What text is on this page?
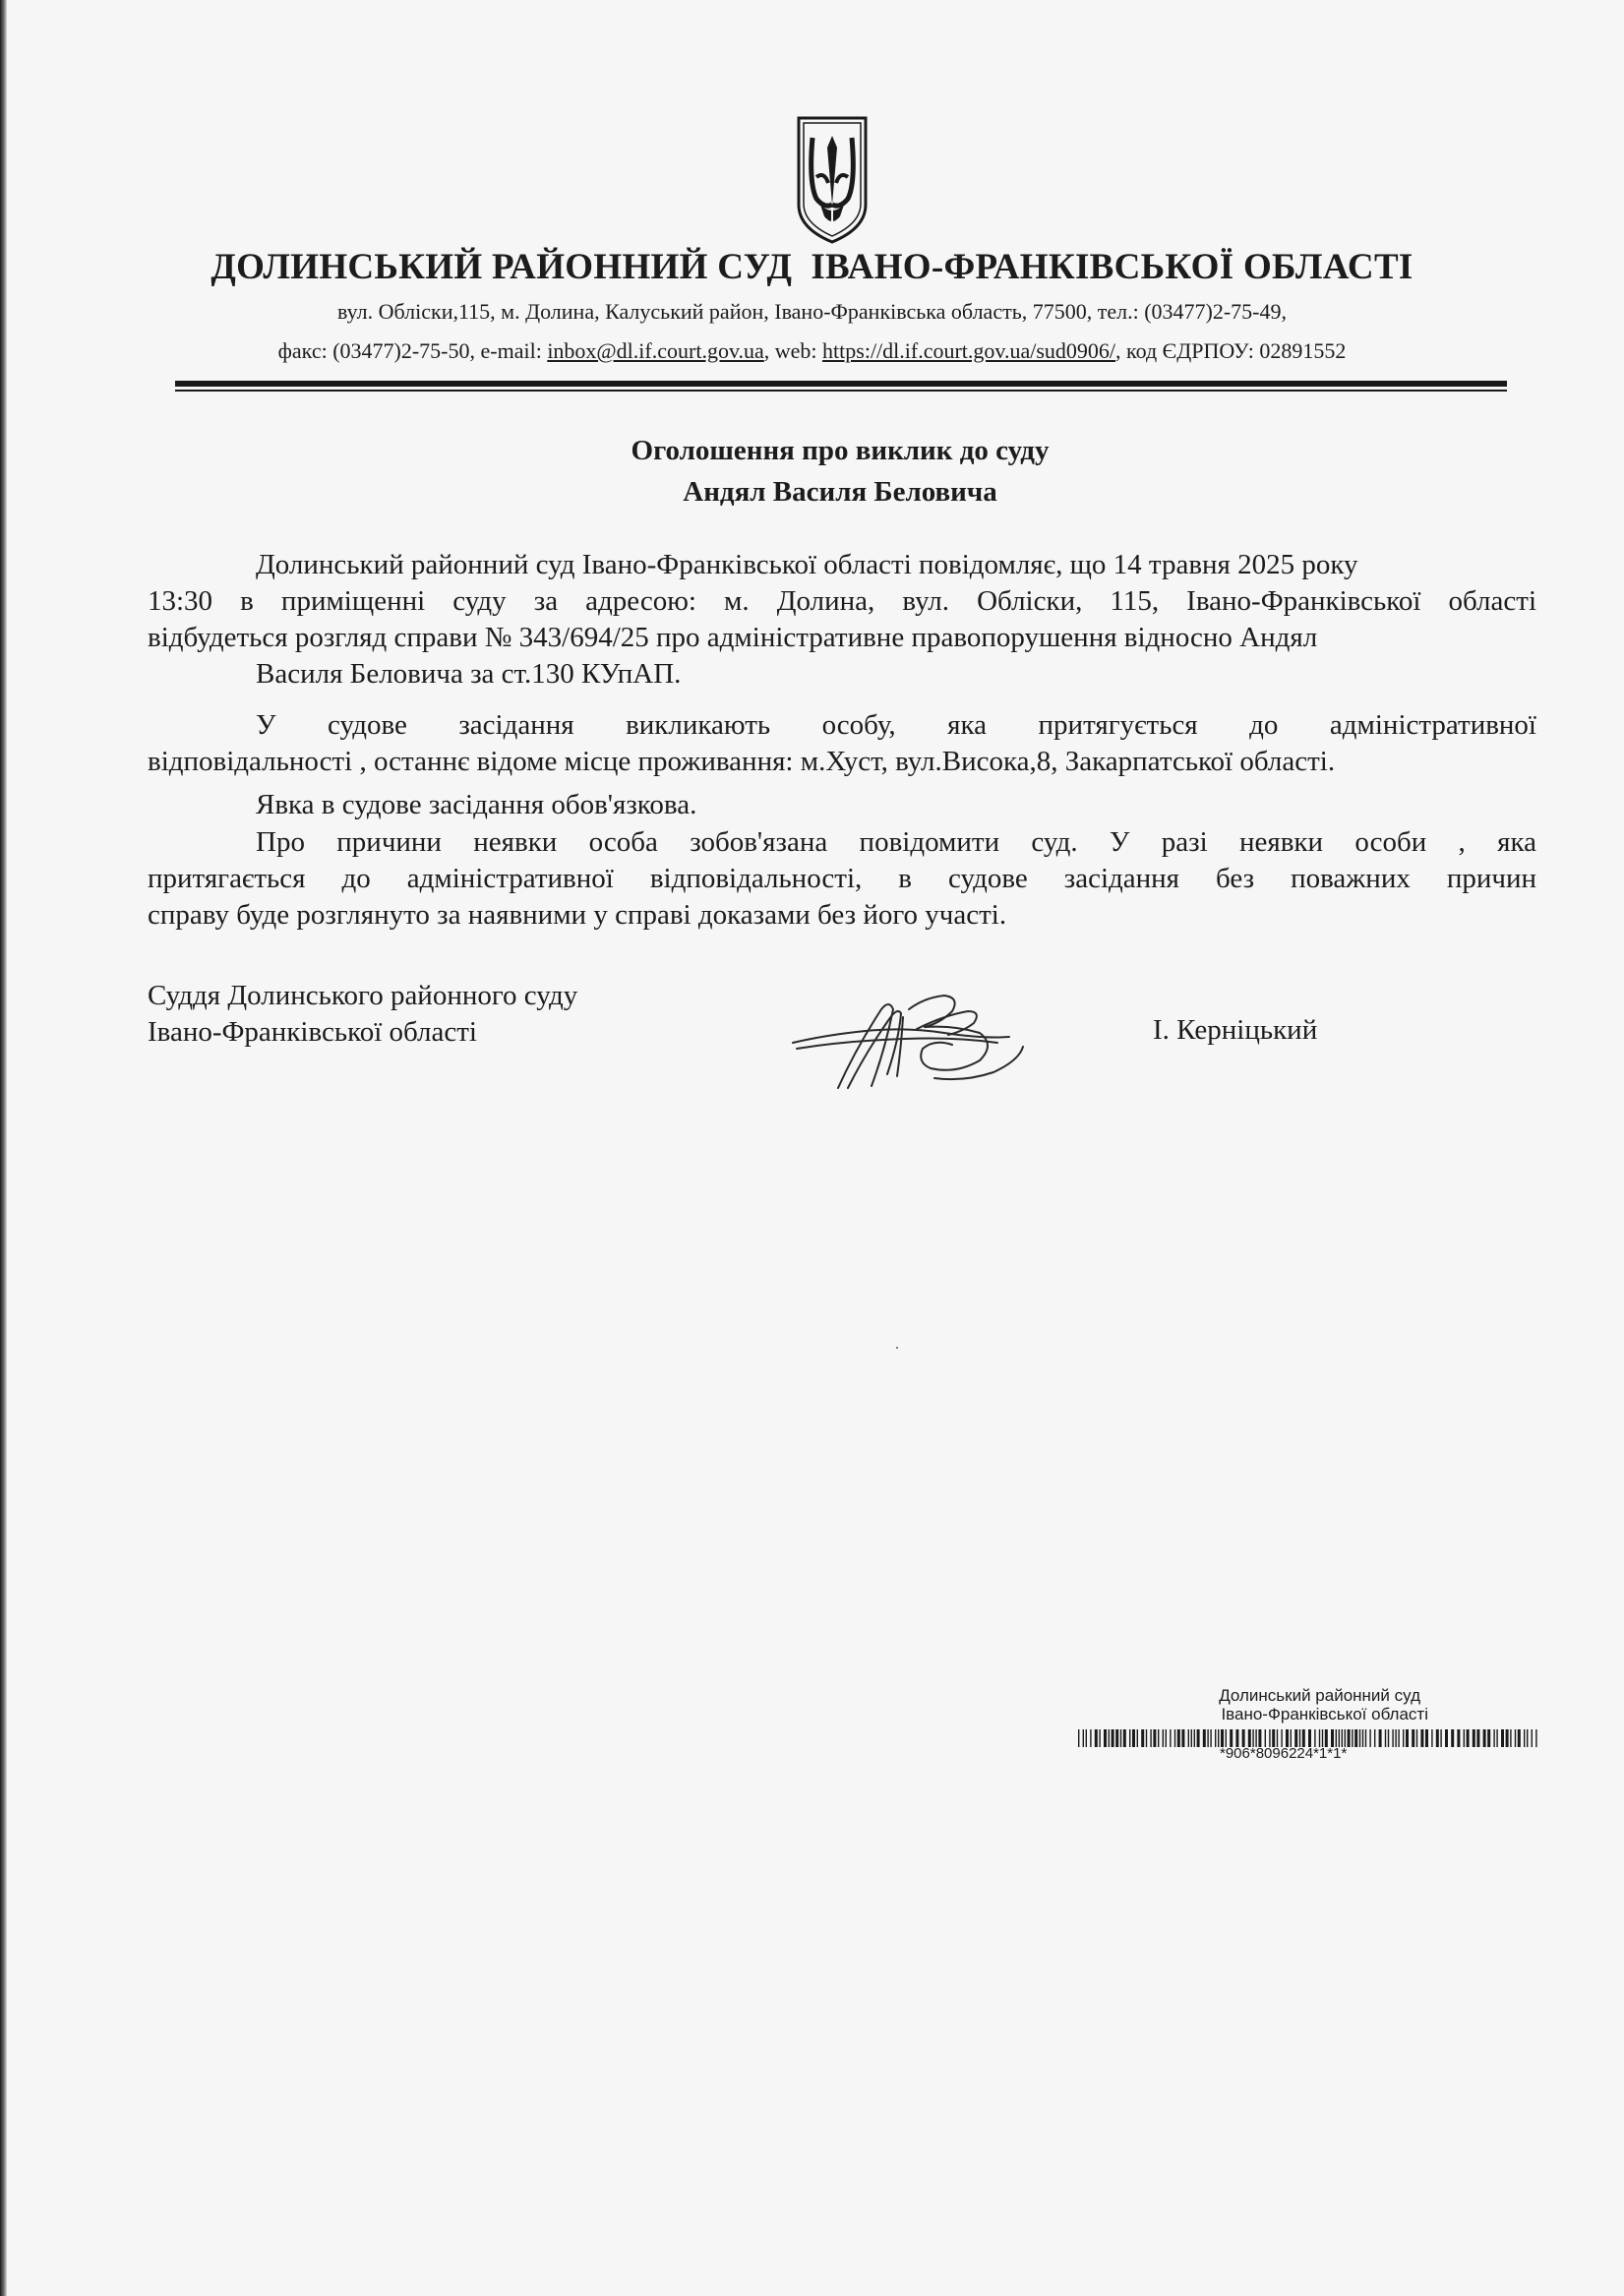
ДОЛИНСЬКИЙ РАЙОННИЙ СУД  ІВАНО-ФРАНКІВСЬКОЇ ОБЛАСТІ
вул. Обліски,115, м. Долина, Калуський район, Івано-Франківська область, 77500, тел.: (03477)2-75-49,
факс: (03477)2-75-50, e-mail: inbox@dl.if.court.gov.ua, web: https://dl.if.court.gov.ua/sud0906/, код ЄДРПОУ: 02891552
Оголошення про виклик до суду
Андял Василя Беловича
Долинський районний суд Івано-Франківської області повідомляє, що 14 травня 2025 року
13:30 в приміщенні суду за адресою: м. Долина, вул. Обліски, 115, Івано-Франківської області
відбудеться розгляд справи № 343/694/25 про адміністративне правопорушення відносно Андял
Василя Беловича за ст.130 КУпАП.
У судове засідання викликають особу, яка притягується до адміністративної
відповідальності , останнє відоме місце проживання: м.Хуст, вул.Висока,8, Закарпатської області.
Явка в судове засідання обов'язкова.
Про причини неявки особа зобов'язана повідомити суд. У разі неявки особи , яка
притягається до адміністративної відповідальності, в судове засідання без поважних причин
справу буде розглянуто за наявними у справі доказами без його участі.
Суддя Долинського районного суду
Івано-Франківської області	І. Керніцький
Долинський районний суд
Івано-Франківської області
*906*8096224*1*1*
